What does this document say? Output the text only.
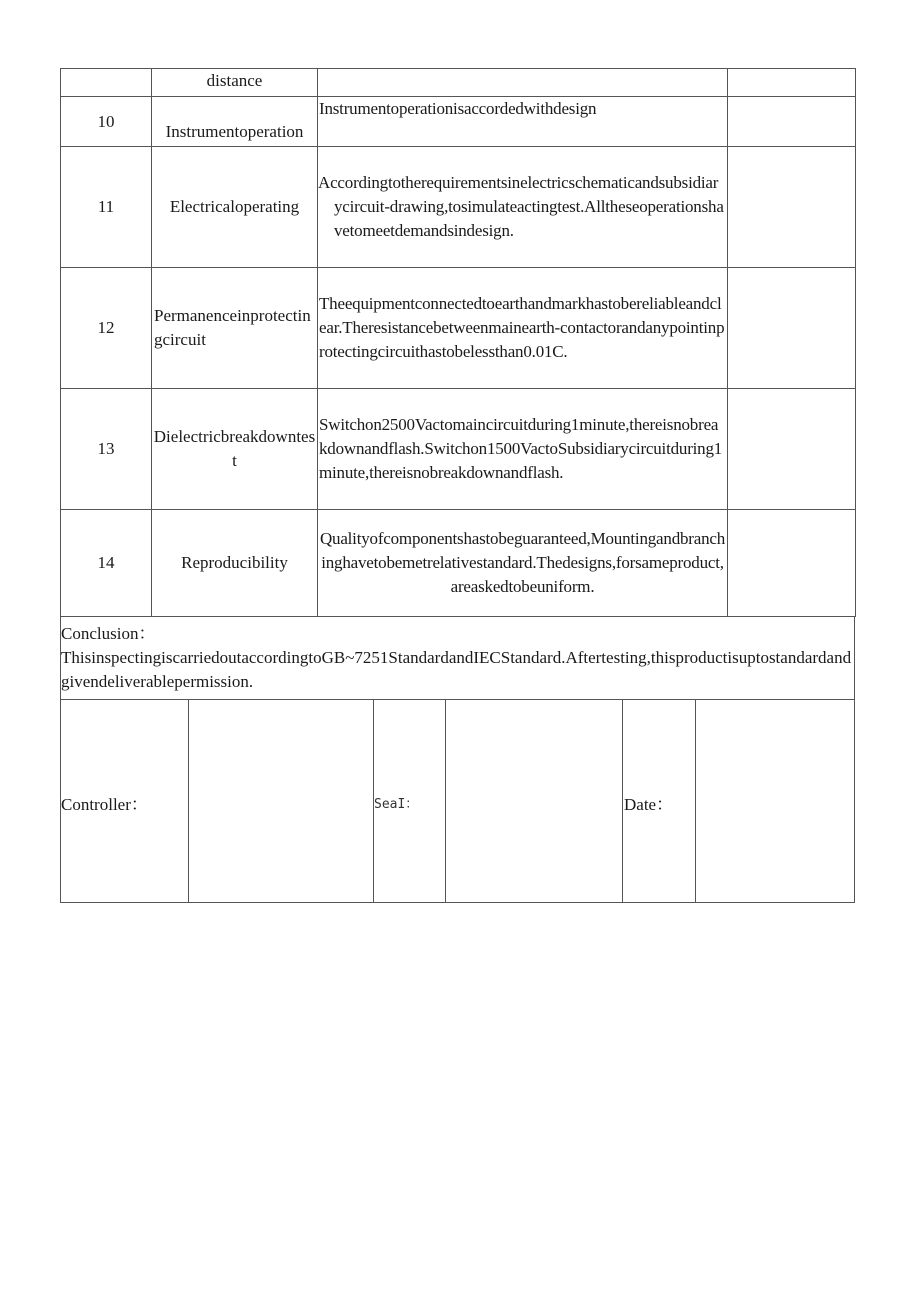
	distance		
10	Instrumentoperation	Instrumentoperationisaccordedwithdesign	
11	Electricaloperating	Accordingtotherequirementsinelectricschematicandsubsidiarycircuit-drawing,tosimulateactingtest.Alltheseoperationshavetomeetdemandsindesign.	
12	Permanenceinprotectingcircuit	Theequipmentconnectedtoearthandmarkhastobereliableandclear.Theresistancebetweenmainearth-contactorandanypointinprotectingcircuithastobelessthan0.01C.	
13	Dielectricbreakdowntest	Switchon2500Vactomaincircuitduring1minute,thereisnobreakdownandflash.Switchon1500VactoSubsidiarycircuitduring1minute,thereisnobreakdownandflash.	
14	Reproducibility	Qualityofcomponentshastobeguaranteed,Mountingandbranchinghavetobemetrelativestandard.Thedesigns,forsameproduct,areaskedtobeuniform.	
Conclusion：
ThisinspectingiscarriedoutaccordingtoGB~7251StandardandIECStandard.Aftertesting,thisproductisuptostandardandgivendeliverablepermission.
Controller：	SeaI：	Date：
